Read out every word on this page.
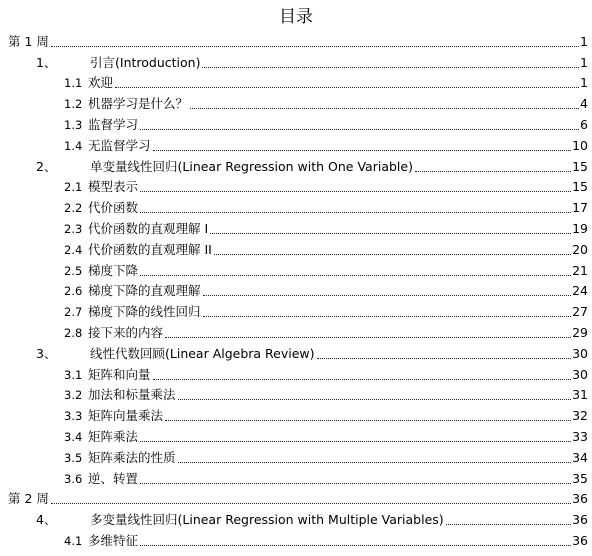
目录
第 1 周	1
1、	引言(Introduction)	1
1.1 欢迎	1
1.2 机器学习是什么？	4
1.3 监督学习	6
1.4 无监督学习	10
2、	单变量线性回归(Linear Regression with One Variable)	15
2.1 模型表示	15
2.2 代价函数	17
2.3 代价函数的直观理解 I	19
2.4 代价函数的直观理解 II	20
2.5 梯度下降	21
2.6 梯度下降的直观理解	24
2.7 梯度下降的线性回归	27
2.8 接下来的内容	29
3、	线性代数回顾(Linear Algebra Review)	30
3.1 矩阵和向量	30
3.2 加法和标量乘法	31
3.3 矩阵向量乘法	32
3.4 矩阵乘法	33
3.5 矩阵乘法的性质	34
3.6 逆、转置	35
第 2 周	36
4、	多变量线性回归(Linear Regression with Multiple Variables)	36
4.1 多维特征	36
